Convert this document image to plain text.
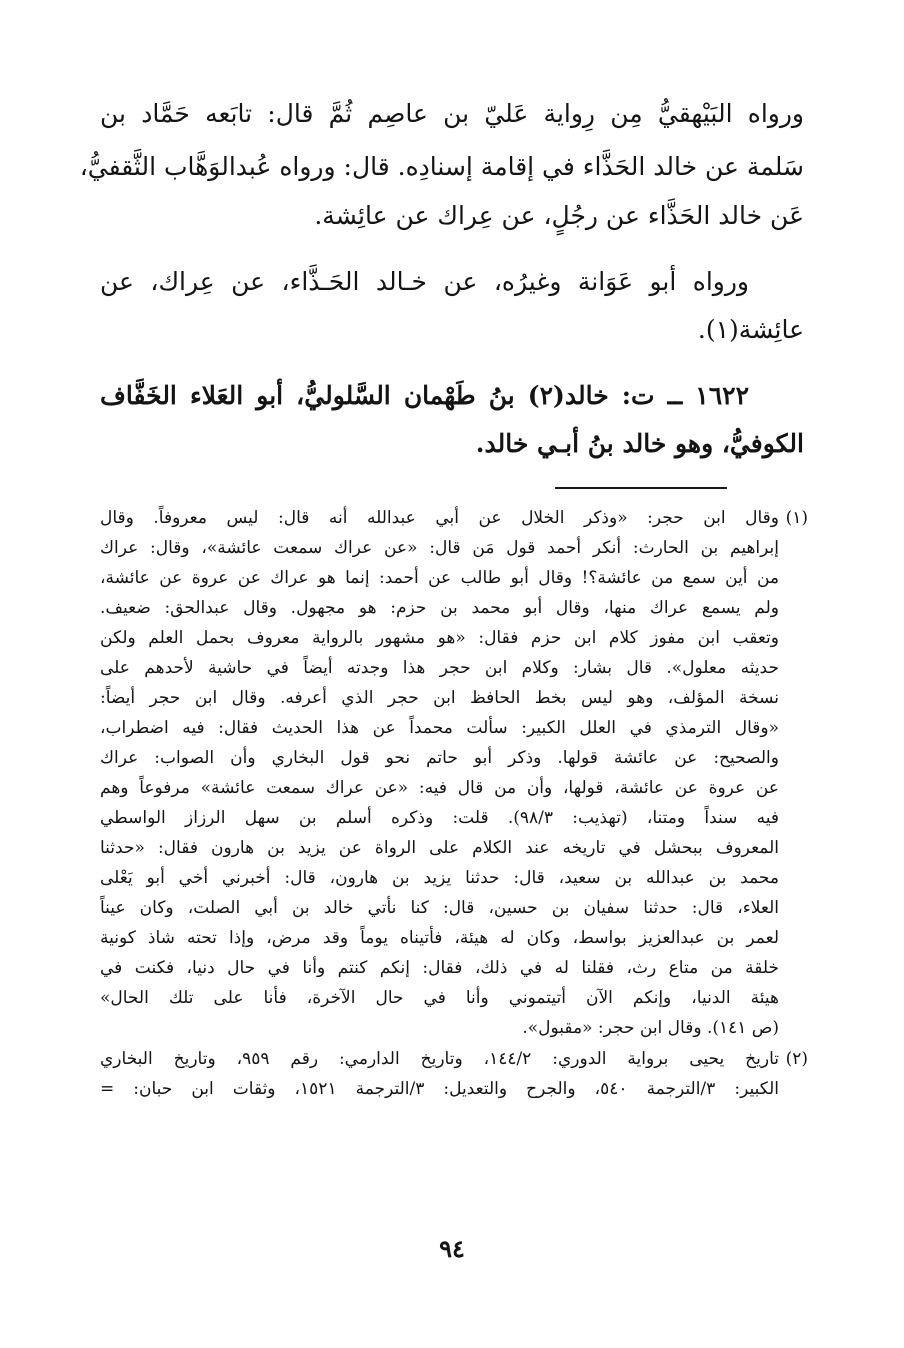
ورواه البَيْهقيُّ مِن رِواية عَليّ بن عاصِم ثُمَّ قال: تابَعه حَمَّاد بن
سَلمة عن خالد الحَذَّاء في إقامة إسنادِه. قال: ورواه عُبدالوَهَّاب الثَّقفيُّ،
عَن خالد الحَذَّاء عن رجُلٍ، عن عِراك عن عائِشة.
ورواه أبو عَوَانة وغيرُه، عن خـالد الحَـذَّاء، عن عِراك، عن
عائِشة(١).
١٦٢٢ ــ ت: خالد(٢) بنُ طَهْمان السَّلوليُّ، أبو العَلاء الخَفَّاف
الكوفيُّ، وهو خالد بنُ أبـي خالد.
(١)
وقال ابن حجر: «وذكر الخلال عن أبي عبدالله أنه قال: ليس معروفاً. وقال
إبراهيم بن الحارث: أنكر أحمد قول مَن قال: «عن عراك سمعت عائشة»، وقال: عراك
من أين سمع من عائشة؟! وقال أبو طالب عن أحمد: إنما هو عراك عن عروة عن عائشة،
ولم يسمع عراك منها، وقال أبو محمد بن حزم: هو مجهول. وقال عبدالحق: ضعيف.
وتعقب ابن مفوز كلام ابن حزم فقال: «هو مشهور بالرواية معروف بحمل العلم ولكن
حديثه معلول». قال بشار: وكلام ابن حجر هذا وجدته أيضاً في حاشية لأحدهم على
نسخة المؤلف، وهو ليس بخط الحافظ ابن حجر الذي أعرفه. وقال ابن حجر أيضاً:
«وقال الترمذي في العلل الكبير: سألت محمداً عن هذا الحديث فقال: فيه اضطراب،
والصحيح: عن عائشة قولها. وذكر أبو حاتم نحو قول البخاري وأن الصواب: عراك
عن عروة عن عائشة، قولها، وأن من قال فيه: «عن عراك سمعت عائشة» مرفوعاً وهم
فيه سنداً ومتنا، (تهذيب: ٩٨/٣). قلت: وذكره أسلم بن سهل الرزاز الواسطي
المعروف ببحشل في تاريخه عند الكلام على الرواة عن يزيد بن هارون فقال: «حدثنا
محمد بن عبدالله بن سعيد، قال: حدثنا يزيد بن هارون، قال: أخبرني أخي أبو يَعْلى
العلاء، قال: حدثنا سفيان بن حسين، قال: كنا نأتي خالد بن أبي الصلت، وكان عيناً
لعمر بن عبدالعزيز بواسط، وكان له هيئة، فأتيناه يوماً وقد مرض، وإذا تحته شاذ كونية
خلقة من متاع رث، فقلنا له في ذلك، فقال: إنكم كنتم وأنا في حال دنيا، فكنت في
هيئة الدنيا، وإنكم الآن أتيتموني وأنا في حال الآخرة، فأنا على تلك الحال»
(ص ١٤١). وقال ابن حجر: «مقبول».
(٢)
تاريخ يحيى برواية الدوري: ١٤٤/٢، وتاريخ الدارمي: رقم ٩٥٩، وتاريخ البخاري
الكبير: ٣/الترجمة ٥٤٠، والجرح والتعديل: ٣/الترجمة ١٥٢١، وثقات ابن حبان: =
٩٤
